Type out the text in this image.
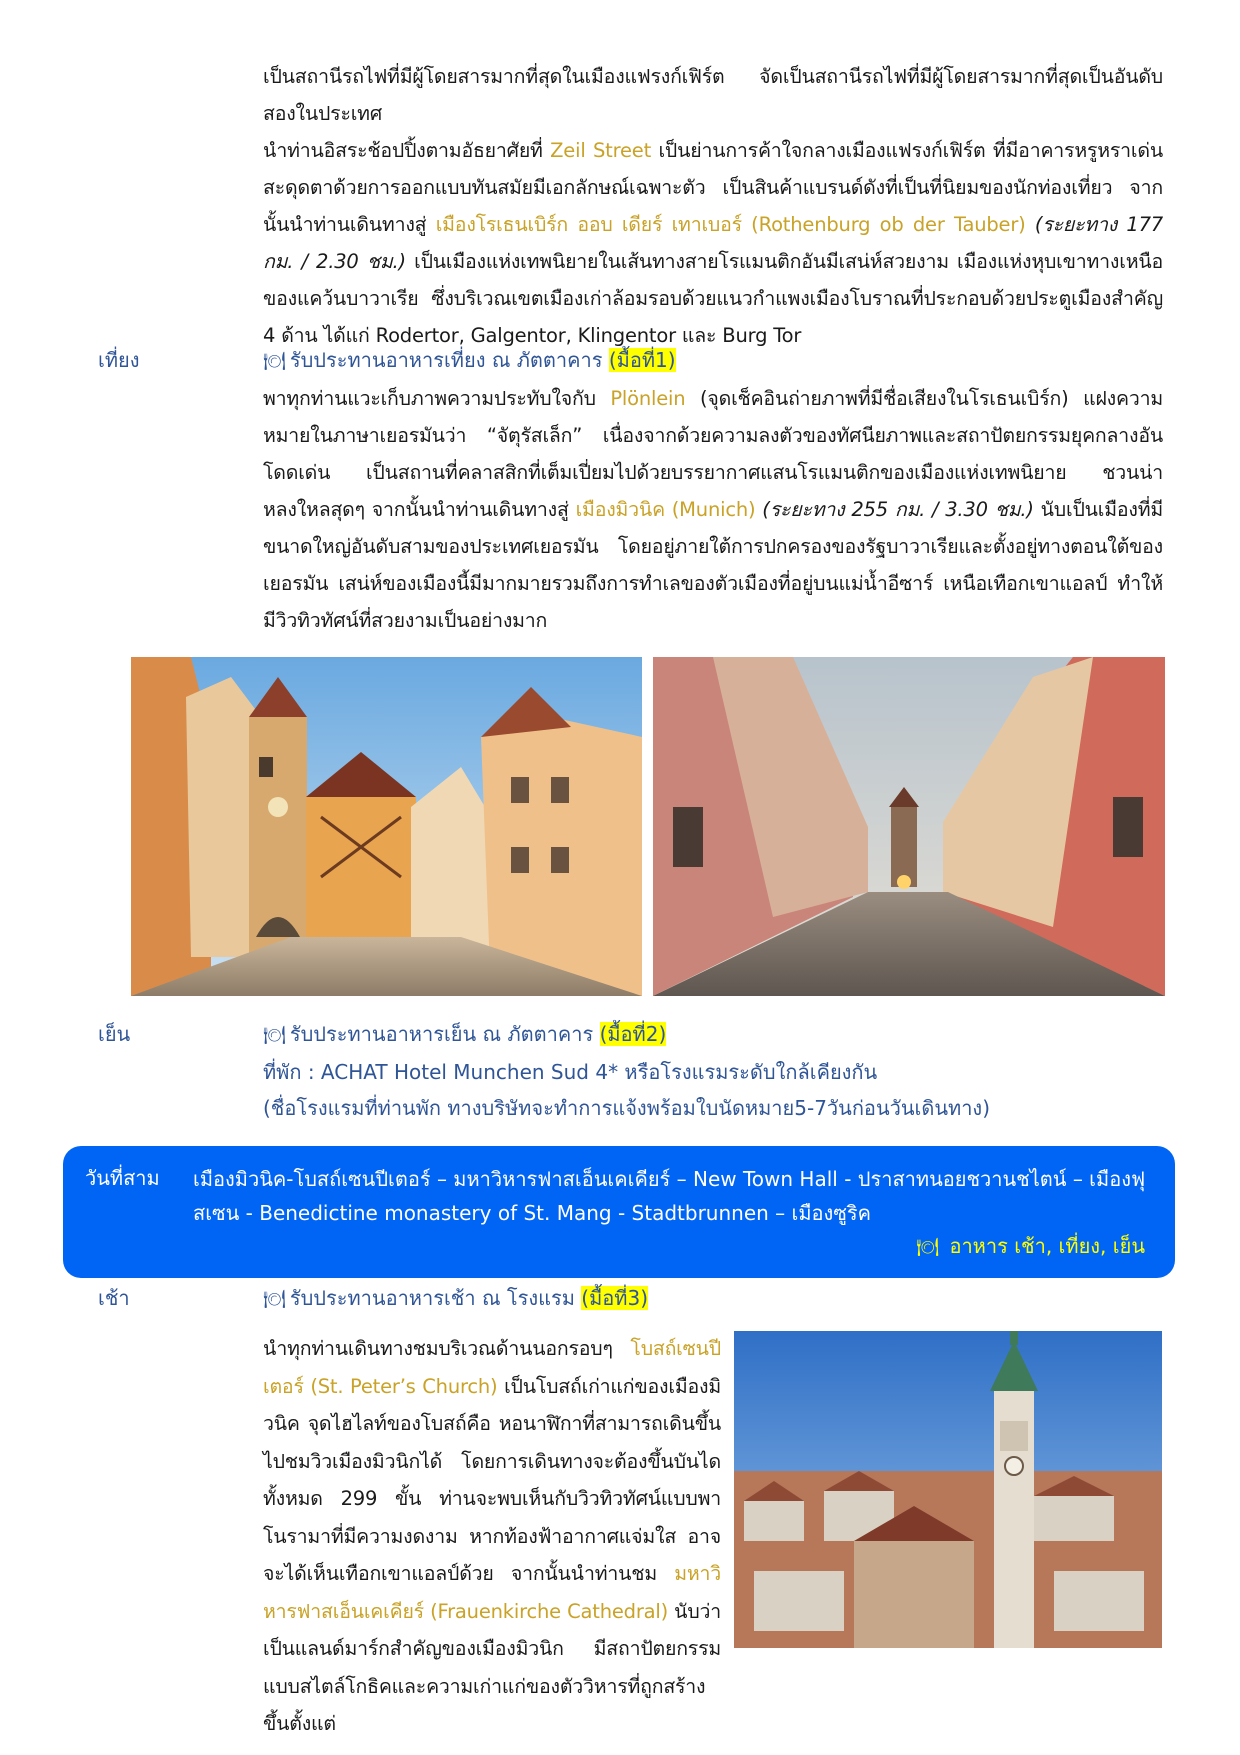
เป็นสถานีรถไฟที่มีผู้โดยสารมากที่สุดในเมืองแฟรงก์เฟิร์ต จัดเป็นสถานีรถไฟที่มีผู้โดยสารมากที่สุดเป็นอันดับสองในประเทศ

นำท่านอิสระช้อปปิ้งตามอัธยาศัยที่ Zeil Street เป็นย่านการค้าใจกลางเมืองแฟรงก์เฟิร์ต ที่มีอาคารหรูหราเด่นสะดุดตาด้วยการออกแบบทันสมัยมีเอกลักษณ์เฉพาะตัว เป็นสินค้าแบรนด์ดังที่เป็นที่นิยมของนักท่องเที่ยว จากนั้นนำท่านเดินทางสู่ เมืองโรเธนเบิร์ก ออบ เดียร์ เทาเบอร์ (Rothenburg ob der Tauber) (ระยะทาง 177 กม. / 2.30 ชม.) เป็นเมืองแห่งเทพนิยายในเส้นทางสายโรแมนติกอันมีเสน่ห์สวยงาม เมืองแห่งหุบเขาทางเหนือของแคว้นบาวาเรีย ซึ่งบริเวณเขตเมืองเก่าล้อมรอบด้วยแนวกำแพงเมืองโบราณที่ประกอบด้วยประตูเมืองสำคัญ 4 ด้าน ได้แก่ Rodertor, Galgentor, Klingentor และ Burg Tor

เที่ยง	🍽 รับประทานอาหารเที่ยง ณ ภัตตาคาร (มื้อที่1)

พาทุกท่านแวะเก็บภาพความประทับใจกับ Plönlein (จุดเช็คอินถ่ายภาพที่มีชื่อเสียงในโรเธนเบิร์ก) แฝงความหมายในภาษาเยอรมันว่า “จัตุรัสเล็ก” เนื่องจากด้วยความลงตัวของทัศนียภาพและสถาปัตยกรรมยุคกลางอันโดดเด่น เป็นสถานที่คลาสสิกที่เต็มเปี่ยมไปด้วยบรรยากาศแสนโรแมนติกของเมืองแห่งเทพนิยาย ชวนน่าหลงใหลสุดๆ จากนั้นนำท่านเดินทางสู่ เมืองมิวนิค (Munich) (ระยะทาง 255 กม. / 3.30 ชม.) นับเป็นเมืองที่มีขนาดใหญ่อันดับสามของประเทศเยอรมัน โดยอยู่ภายใต้การปกครองของรัฐบาวาเรียและตั้งอยู่ทางตอนใต้ของเยอรมัน เสน่ห์ของเมืองนี้มีมากมายรวมถึงการทำเลของตัวเมืองที่อยู่บนแม่น้ำอีซาร์ เหนือเทือกเขาแอลป์ ทำให้มีวิวทิวทัศน์ที่สวยงามเป็นอย่างมาก

เย็น	🍽 รับประทานอาหารเย็น ณ ภัตตาคาร (มื้อที่2)
ที่พัก : ACHAT Hotel Munchen Sud 4* หรือโรงแรมระดับใกล้เคียงกัน
(ชื่อโรงแรมที่ท่านพัก ทางบริษัทจะทำการแจ้งพร้อมใบนัดหมาย5-7วันก่อนวันเดินทาง)
วันที่สาม เมืองมิวนิค-โบสถ์เซนปีเตอร์ – มหาวิหารฟาสเอ็นเคเคียร์ – New Town Hall - ปราสาทนอยชวานชไตน์ – เมืองฟุสเซน - Benedictine monastery of St. Mang - Stadtbrunnen – เมืองซูริค
🍽 อาหาร เช้า, เที่ยง, เย็น
เช้า	🍽 รับประทานอาหารเช้า ณ โรงแรม (มื้อที่3)

นำทุกท่านเดินทางชมบริเวณด้านนอกรอบๆ โบสถ์เซนปีเตอร์ (St. Peter’s Church) เป็นโบสถ์เก่าแก่ของเมืองมิวนิค จุดไฮไลท์ของโบสถ์คือ หอนาฬิกาที่สามารถเดินขึ้นไปชมวิวเมืองมิวนิกได้ โดยการเดินทางจะต้องขึ้นบันไดทั้งหมด 299 ขั้น ท่านจะพบเห็นกับวิวทิวทัศน์แบบพาโนรามาที่มีความงดงาม หากท้องฟ้าอากาศแจ่มใส อาจจะได้เห็นเทือกเขาแอลป์ด้วย จากนั้นนำท่านชม มหาวิหารฟาสเอ็นเคเคียร์ (Frauenkirche Cathedral) นับว่าเป็นแลนด์มาร์กสำคัญของเมืองมิวนิก มีสถาปัตยกรรมแบบสไตล์โกธิคและความเก่าแก่ของตัววิหารที่ถูกสร้างขึ้นตั้งแต่
